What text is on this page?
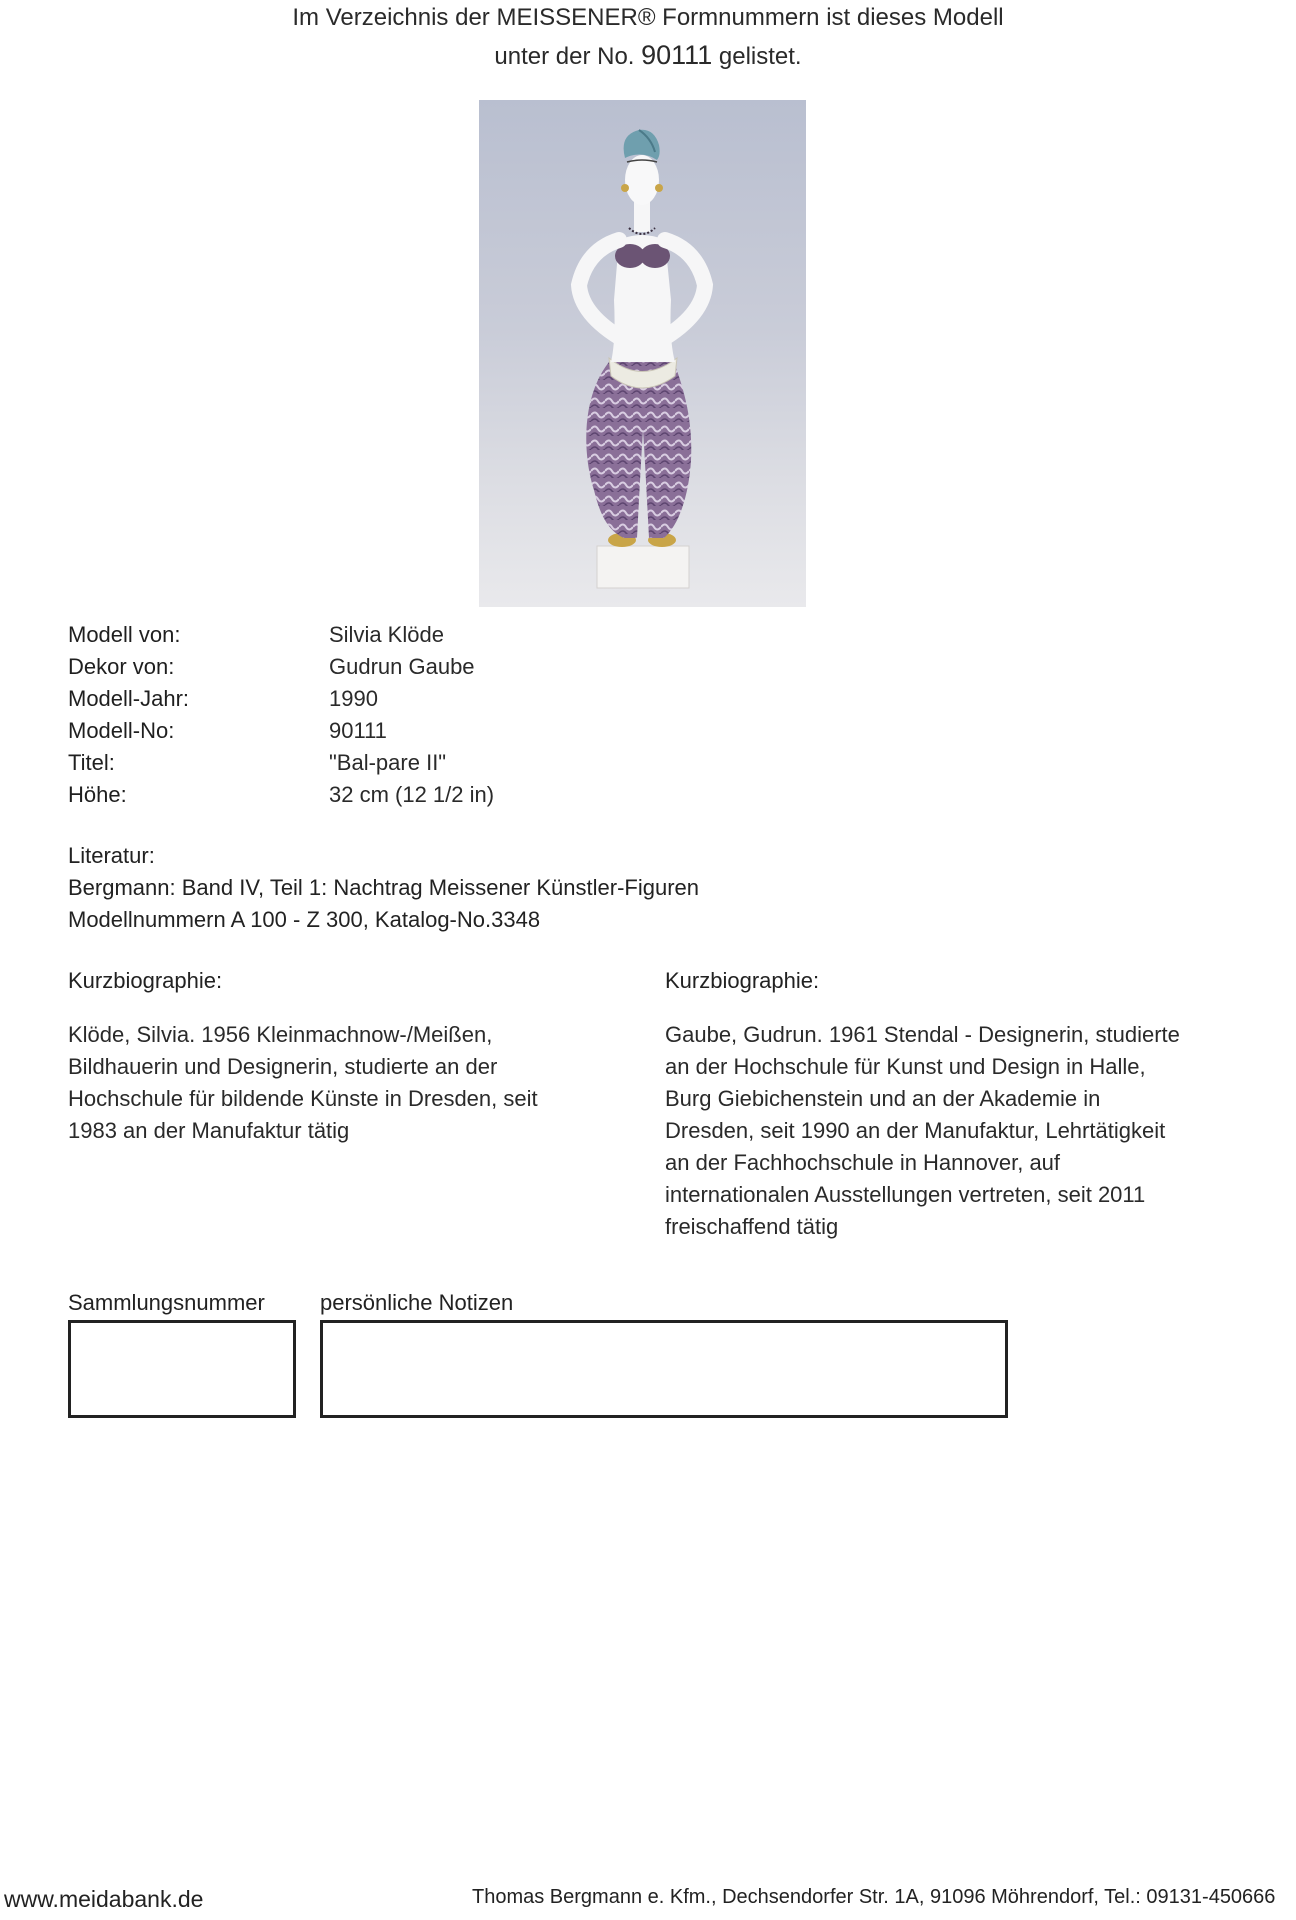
Im Verzeichnis der MEISSENER® Formnummern ist dieses Modell
unter der No. 90111 gelistet.
Modell von:	Silvia Klöde
Dekor von:	Gudrun Gaube
Modell-Jahr:	1990
Modell-No:	90111
Titel:	"Bal-pare II"
Höhe:	32 cm (12 1/2 in)
Literatur:
Bergmann: Band IV, Teil 1: Nachtrag Meissener Künstler-Figuren
Modellnummern A 100 - Z 300, Katalog-No.3348
Kurzbiographie:
Klöde, Silvia. 1956 Kleinmachnow-/Meißen,
Bildhauerin und Designerin, studierte an der
Hochschule für bildende Künste in Dresden, seit
1983 an der Manufaktur tätig
Kurzbiographie:
Gaube, Gudrun. 1961 Stendal - Designerin, studierte
an der Hochschule für Kunst und Design in Halle,
Burg Giebichenstein und an der Akademie in
Dresden, seit 1990 an der Manufaktur, Lehrtätigkeit
an der Fachhochschule in Hannover, auf
internationalen Ausstellungen vertreten, seit 2011
freischaffend tätig
Sammlungsnummer	persönliche Notizen
www.meidabank.de	Thomas Bergmann e. Kfm., Dechsendorfer Str. 1A, 91096 Möhrendorf, Tel.: 09131-450666
